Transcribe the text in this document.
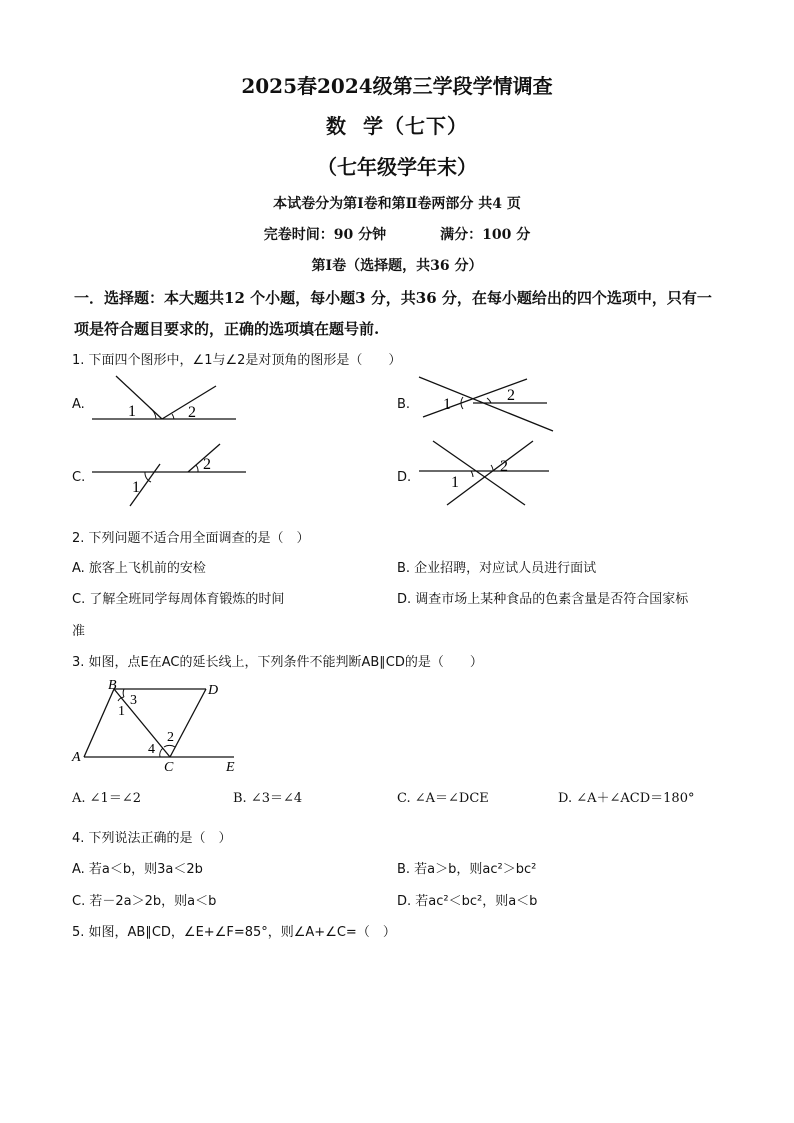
2025春2024级第三学段学情调查
数  学（七下）
（七年级学年末）
本试卷分为第Ⅰ卷和第Ⅱ卷两部分 共4 页
完卷时间：90 分钟	满分：100 分
第Ⅰ卷（选择题，共36 分）
一．选择题：本大题共12 个小题，每小题3 分，共36 分，在每小题给出的四个选项中，只有一项是符合题目要求的，正确的选项填在题号前.
1. 下面四个图形中，∠1与∠2是对顶角的图形是（　　）
A.	B.
C.	D.
1	2	1
2
1
2
1
2
2. 下列问题不适合用全面调查的是（　）
A. 旅客上飞机前的安检	B. 企业招聘，对应试人员进行面试
C. 了解全班同学每周体育锻炼的时间	D. 调查市场上某种食品的色素含量是否符合国家标
准
3. 如图，点E在AC的延长线上，下列条件不能判断AB∥CD的是（　　）
B	D
A
C	E
1
3
4
2
A. ∠1＝∠2	B. ∠3＝∠4	C. ∠A＝∠DCE	D. ∠A＋∠ACD＝180°
4. 下列说法正确的是（　）
A. 若a＜b，则3a＜2b	B. 若a＞b，则ac²＞bc²
C. 若－2a＞2b，则a＜b	D. 若ac²＜bc²，则a＜b
5. 如图，AB∥CD，∠E+∠F=85°，则∠A+∠C=（　）
